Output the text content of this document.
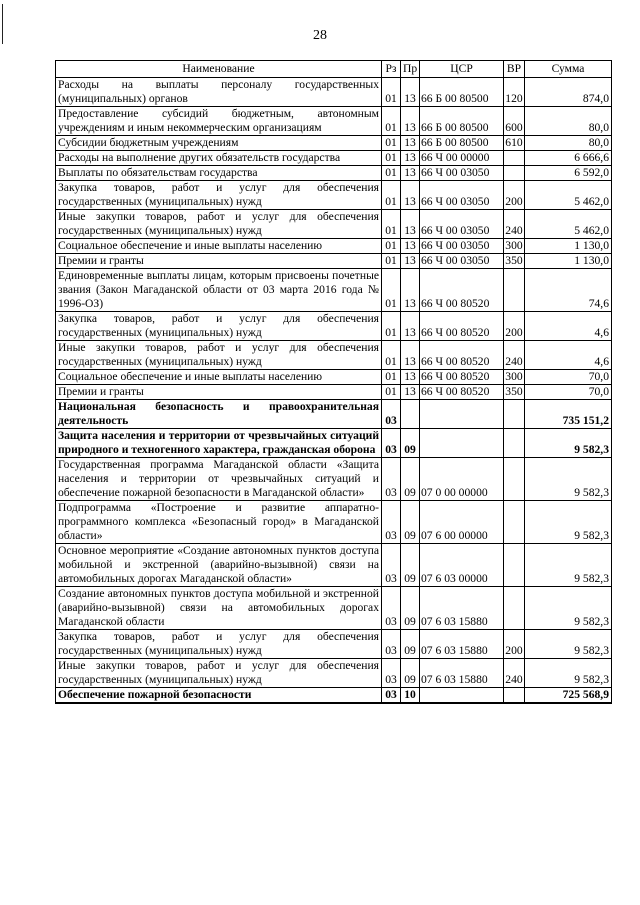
28
Наименование	Рз	Пр	ЦСР	ВР	Сумма
Расходы на выплаты персоналу государственных (муниципальных) органов	01	13	66 Б 00 80500	120	874,0
Предоставление субсидий бюджетным, автономным учреждениям и иным некоммерческим организациям	01	13	66 Б 00 80500	600	80,0
Субсидии бюджетным учреждениям	01	13	66 Б 00 80500	610	80,0
Расходы на выполнение других обязательств государства	01	13	66 Ч 00 00000		6 666,6
Выплаты по обязательствам государства	01	13	66 Ч 00 03050		6 592,0
Закупка товаров, работ и услуг для обеспечения государственных (муниципальных) нужд	01	13	66 Ч 00 03050	200	5 462,0
Иные закупки товаров, работ и услуг для обеспечения государственных (муниципальных) нужд	01	13	66 Ч 00 03050	240	5 462,0
Социальное обеспечение и иные выплаты населению	01	13	66 Ч 00 03050	300	1 130,0
Премии и гранты	01	13	66 Ч 00 03050	350	1 130,0
Единовременные выплаты лицам, которым присвоены почетные звания (Закон Магаданской области от 03 марта 2016 года № 1996-ОЗ)	01	13	66 Ч 00 80520		74,6
Закупка товаров, работ и услуг для обеспечения государственных (муниципальных) нужд	01	13	66 Ч 00 80520	200	4,6
Иные закупки товаров, работ и услуг для обеспечения государственных (муниципальных) нужд	01	13	66 Ч 00 80520	240	4,6
Социальное обеспечение и иные выплаты населению	01	13	66 Ч 00 80520	300	70,0
Премии и гранты	01	13	66 Ч 00 80520	350	70,0
Национальная безопасность и правоохранительная деятельность	03				735 151,2
Защита населения и территории от чрезвычайных ситуаций природного и техногенного характера, гражданская оборона	03	09			9 582,3
Государственная программа Магаданской области «Защита населения и территории от чрезвычайных ситуаций и обеспечение пожарной безопасности в Магаданской области»	03	09	07 0 00 00000		9 582,3
Подпрограмма «Построение и развитие аппаратно-программного комплекса «Безопасный город» в Магаданской области»	03	09	07 6 00 00000		9 582,3
Основное мероприятие «Создание автономных пунктов доступа мобильной и экстренной (аварийно-вызывной) связи на автомобильных дорогах Магаданской области»	03	09	07 6 03 00000		9 582,3
Создание автономных пунктов доступа мобильной и экстренной (аварийно-вызывной) связи на автомобильных дорогах Магаданской области	03	09	07 6 03 15880		9 582,3
Закупка товаров, работ и услуг для обеспечения государственных (муниципальных) нужд	03	09	07 6 03 15880	200	9 582,3
Иные закупки товаров, работ и услуг для обеспечения государственных (муниципальных) нужд	03	09	07 6 03 15880	240	9 582,3
Обеспечение пожарной безопасности	03	10			725 568,9
